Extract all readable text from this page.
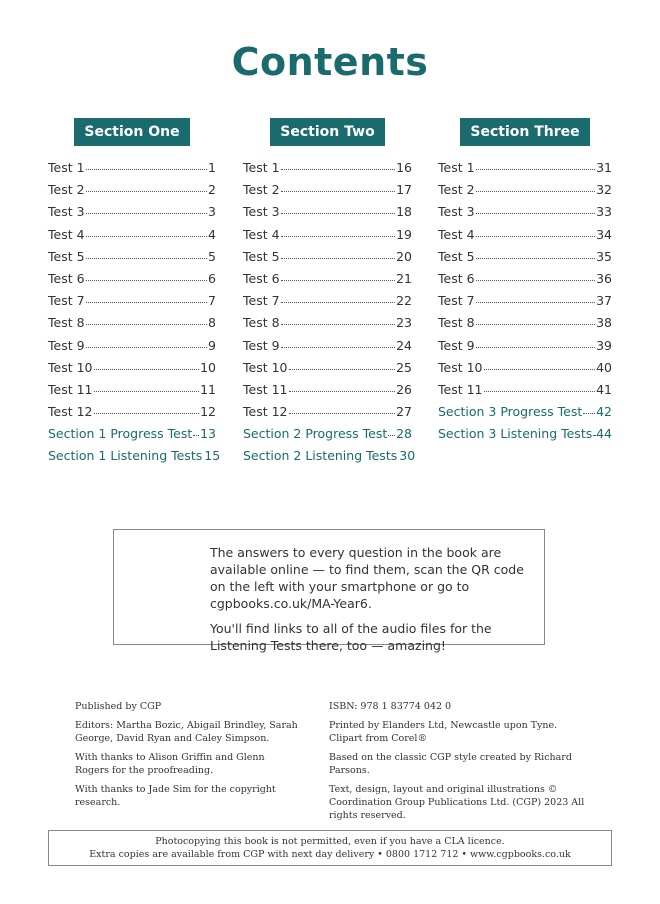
Contents
Section One
Test 1	1
Test 2	2
Test 3	3
Test 4	4
Test 5	5
Test 6	6
Test 7	7
Test 8	8
Test 9	9
Test 10	10
Test 11	11
Test 12	12
Section 1 Progress Test 13
Section 1 Listening Tests 15
Section Two
Test 1	16
Test 2	17
Test 3	18
Test 4	19
Test 5	20
Test 6	21
Test 7	22
Test 8	23
Test 9	24
Test 10	25
Test 11	26
Test 12	27
Section 2 Progress Test 28
Section 2 Listening Tests 30
Section Three
Test 1	31
Test 2	32
Test 3	33
Test 4	34
Test 5	35
Test 6	36
Test 7	37
Test 8	38
Test 9	39
Test 10	40
Test 11	41
Section 3 Progress Test 42
Section 3 Listening Tests 44

The answers to every question in the book are available online — to find them, scan the QR code on the left with your smartphone or go to cgpbooks.co.uk/MA-Year6.

You'll find links to all of the audio files for the Listening Tests there, too — amazing!

Published by CGP

Editors: Martha Bozic, Abigail Brindley, Sarah George, David Ryan and Caley Simpson.

With thanks to Alison Griffin and Glenn Rogers for the proofreading.

With thanks to Jade Sim for the copyright research.

ISBN: 978 1 83774 042 0

Printed by Elanders Ltd, Newcastle upon Tyne. Clipart from Corel®

Based on the classic CGP style created by Richard Parsons.

Text, design, layout and original illustrations © Coordination Group Publications Ltd. (CGP) 2023 All rights reserved.

Photocopying this book is not permitted, even if you have a CLA licence.
Extra copies are available from CGP with next day delivery • 0800 1712 712 • www.cgpbooks.co.uk
